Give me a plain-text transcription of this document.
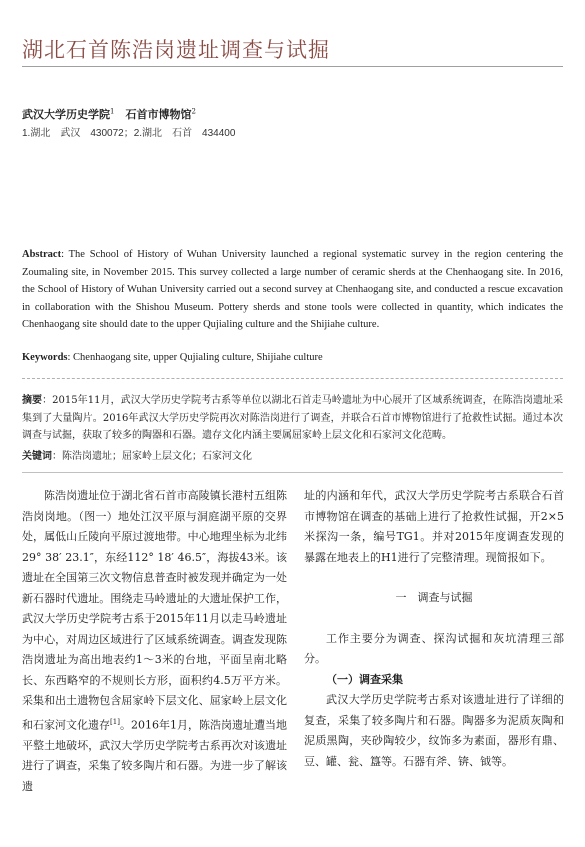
湖北石首陈浩岗遗址调查与试掘
武汉大学历史学院$^1$　 石首市博物馆$^2$
1.湖北　武汉　430072；2.湖北　石首　434400
Abstract: The School of History of Wuhan University launched a regional systematic survey in the region centering the Zoumaling site, in November 2015. This survey collected a large number of ceramic sherds at the Chenhaogang site. In 2016, the School of History of Wuhan University carried out a second survey at Chenhaogang site, and conducted a rescue excavation in collaboration with the Shishou Museum. Pottery sherds and stone tools were collected in quantity, which indicates the Chenhaogang site should date to the upper Qujialing culture and the Shijiahe culture.
Keywords: Chenhaogang site, upper Qujialing culture, Shijiahe culture
摘要：2015年11月，武汉大学历史学院考古系等单位以湖北石首走马岭遗址为中心展开了区域系统调查，在陈浩岗遗址采集到了大量陶片。2016年武汉大学历史学院再次对陈浩岗进行了调查，并联合石首市博物馆进行了抢救性试掘。通过本次调查与试掘，获取了较多的陶器和石器。遗存文化内涵主要属屈家岭上层文化和石家河文化范畴。
关键词：陈浩岗遗址；屈家岭上层文化；石家河文化

陈浩岗遗址位于湖北省石首市高陵镇长港村五组陈浩岗岗地。（图一）地处江汉平原与洞庭湖平原的交界处，属低山丘陵向平原过渡地带。中心地理坐标为北纬29° 38′ 23.1″，东经112° 18′ 46.5″，海拔43米。该遗址在全国第三次文物信息普查时被发现并确定为一处新石器时代遗址。围绕走马岭遗址的大遗址保护工作，武汉大学历史学院考古系于2015年11月以走马岭遗址为中心，对周边区域进行了区域系统调查。调查发现陈浩岗遗址为高出地表约1～3米的台地，平面呈南北略长、东西略窄的不规则长方形，面积约4.5万平方米。采集和出土遗物包含屈家岭下层文化、屈家岭上层文化和石家河文化遗存[1]。2016年1月，陈浩岗遗址遭当地平整土地破坏，武汉大学历史学院考古系再次对该遗址进行了调查，采集了较多陶片和石器。为进一步了解该遗

址的内涵和年代，武汉大学历史学院考古系联合石首市博物馆在调查的基础上进行了抢救性试掘，开2×5米探沟一条，编号TG1。并对2015年度调查发现的暴露在地表上的H1进行了完整清理。现简报如下。

一　调查与试掘

工作主要分为调查、探沟试掘和灰坑清理三部分。

（一）调查采集

武汉大学历史学院考古系对该遗址进行了详细的复查，采集了较多陶片和石器。陶器多为泥质灰陶和泥质黑陶，夹砂陶较少，纹饰多为素面，器形有鼎、豆、罐、瓮、簋等。石器有斧、锛、钺等。
